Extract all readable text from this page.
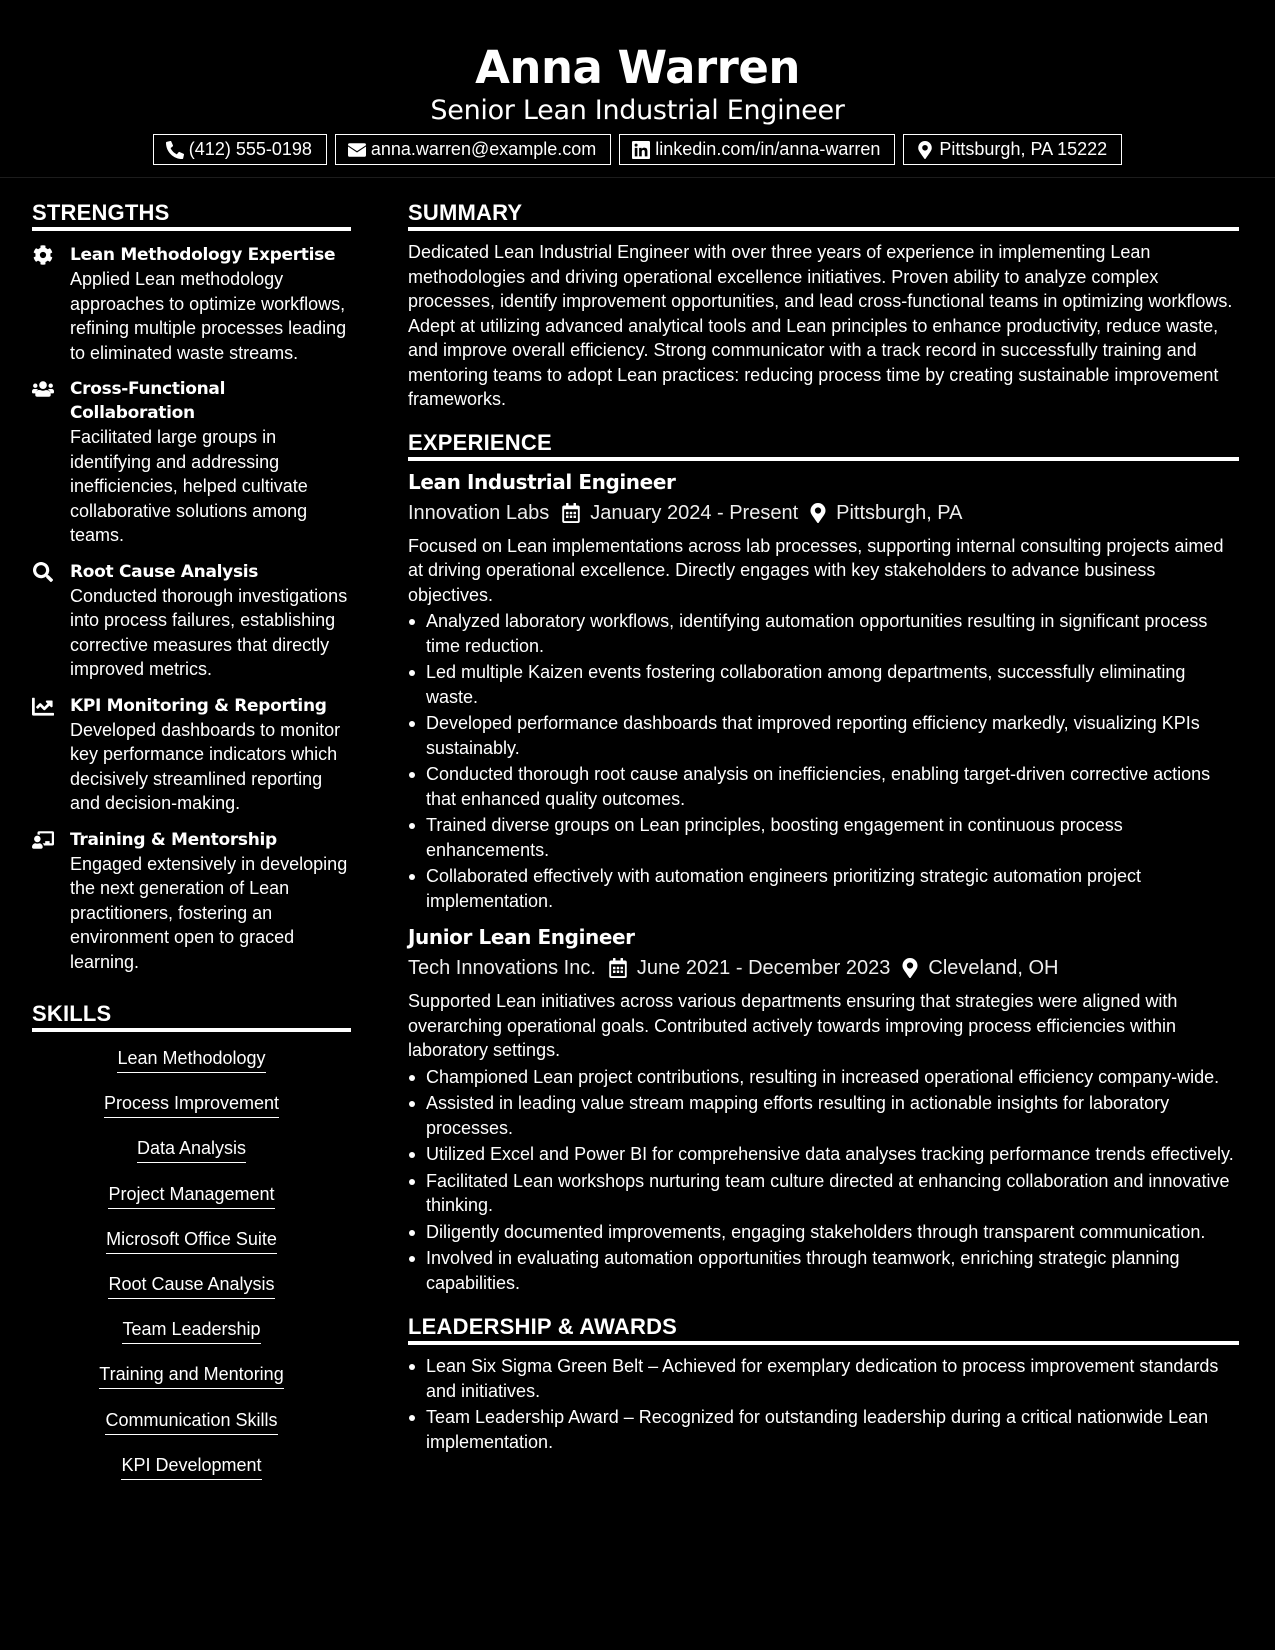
Anna Warren
Senior Lean Industrial Engineer
(412) 555-0198	anna.warren@example.com	linkedin.com/in/anna-warren	Pittsburgh, PA 15222
STRENGTHS
Lean Methodology Expertise
Applied Lean methodology approaches to optimize workflows, refining multiple processes leading to eliminated waste streams.
Cross-Functional Collaboration
Facilitated large groups in identifying and addressing inefficiencies, helped cultivate collaborative solutions among teams.
Root Cause Analysis
Conducted thorough investigations into process failures, establishing corrective measures that directly improved metrics.
KPI Monitoring & Reporting
Developed dashboards to monitor key performance indicators which decisively streamlined reporting and decision-making.
Training & Mentorship
Engaged extensively in developing the next generation of Lean practitioners, fostering an environment open to graced learning.
SKILLS
Lean Methodology
Process Improvement
Data Analysis
Project Management
Microsoft Office Suite
Root Cause Analysis
Team Leadership
Training and Mentoring
Communication Skills
KPI Development
SUMMARY
Dedicated Lean Industrial Engineer with over three years of experience in implementing Lean methodologies and driving operational excellence initiatives. Proven ability to analyze complex processes, identify improvement opportunities, and lead cross-functional teams in optimizing workflows. Adept at utilizing advanced analytical tools and Lean principles to enhance productivity, reduce waste, and improve overall efficiency. Strong communicator with a track record in successfully training and mentoring teams to adopt Lean practices: reducing process time by creating sustainable improvement frameworks.
EXPERIENCE
Lean Industrial Engineer
Innovation Labs January 2024 - Present Pittsburgh, PA
Focused on Lean implementations across lab processes, supporting internal consulting projects aimed at driving operational excellence. Directly engages with key stakeholders to advance business objectives.
Analyzed laboratory workflows, identifying automation opportunities resulting in significant process time reduction.
Led multiple Kaizen events fostering collaboration among departments, successfully eliminating waste.
Developed performance dashboards that improved reporting efficiency markedly, visualizing KPIs sustainably.
Conducted thorough root cause analysis on inefficiencies, enabling target-driven corrective actions that enhanced quality outcomes.
Trained diverse groups on Lean principles, boosting engagement in continuous process enhancements.
Collaborated effectively with automation engineers prioritizing strategic automation project implementation.
Junior Lean Engineer
Tech Innovations Inc. June 2021 - December 2023 Cleveland, OH
Supported Lean initiatives across various departments ensuring that strategies were aligned with overarching operational goals. Contributed actively towards improving process efficiencies within laboratory settings.
Championed Lean project contributions, resulting in increased operational efficiency company-wide.
Assisted in leading value stream mapping efforts resulting in actionable insights for laboratory processes.
Utilized Excel and Power BI for comprehensive data analyses tracking performance trends effectively.
Facilitated Lean workshops nurturing team culture directed at enhancing collaboration and innovative thinking.
Diligently documented improvements, engaging stakeholders through transparent communication.
Involved in evaluating automation opportunities through teamwork, enriching strategic planning capabilities.
LEADERSHIP & AWARDS
Lean Six Sigma Green Belt – Achieved for exemplary dedication to process improvement standards and initiatives.
Team Leadership Award – Recognized for outstanding leadership during a critical nationwide Lean implementation.
